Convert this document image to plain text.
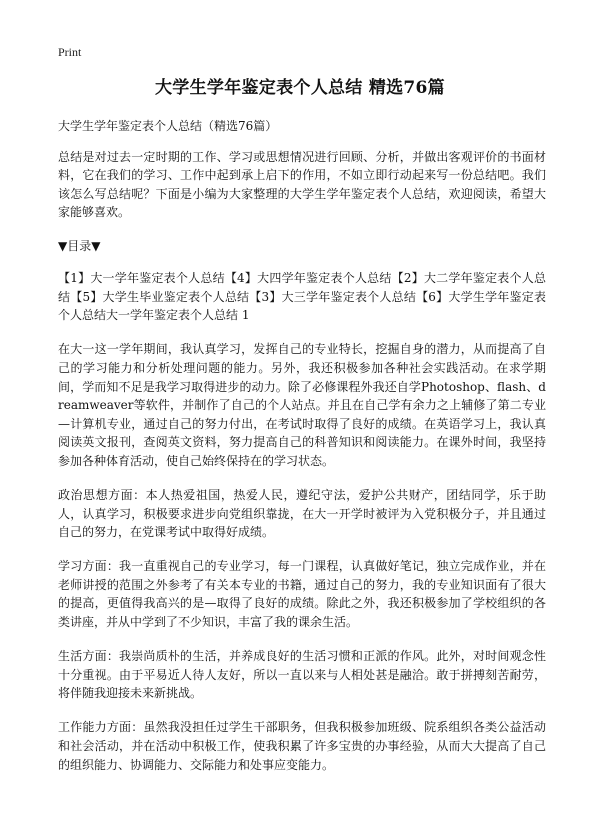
Print
大学生学年鉴定表个人总结 精选76篇

大学生学年鉴定表个人总结（精选76篇）

总结是对过去一定时期的工作、学习或思想情况进行回顾、分析，并做出客观评价的书面材料，它在我们的学习、工作中起到承上启下的作用，不如立即行动起来写一份总结吧。我们该怎么写总结呢？下面是小编为大家整理的大学生学年鉴定表个人总结，欢迎阅读，希望大家能够喜欢。

▼目录▼

【1】大一学年鉴定表个人总结【4】大四学年鉴定表个人总结【2】大二学年鉴定表个人总结【5】大学生毕业鉴定表个人总结【3】大三学年鉴定表个人总结【6】大学生学年鉴定表个人总结大一学年鉴定表个人总结 1

在大一这一学年期间，我认真学习，发挥自己的专业特长，挖掘自身的潜力，从而提高了自己的学习能力和分析处理问题的能力。另外，我还积极参加各种社会实践活动。在求学期间，学而知不足是我学习取得进步的动力。除了必修课程外我还自学Photoshop、flash、dreamweaver等软件，并制作了自己的个人站点。并且在自己学有余力之上辅修了第二专业—计算机专业，通过自己的努力付出，在考试时取得了良好的成绩。在英语学习上，我认真阅读英文报刊，查阅英文资料，努力提高自己的科普知识和阅读能力。在课外时间，我坚持参加各种体育活动，使自己始终保持在的学习状态。

政治思想方面：本人热爱祖国，热爱人民，遵纪守法，爱护公共财产，团结同学，乐于助人，认真学习，积极要求进步向党组织靠拢，在大一开学时被评为入党积极分子，并且通过自己的努力，在党课考试中取得好成绩。

学习方面：我一直重视自己的专业学习，每一门课程，认真做好笔记，独立完成作业，并在老师讲授的范围之外参考了有关本专业的书籍，通过自己的努力，我的专业知识面有了很大的提高，更值得我高兴的是—取得了良好的成绩。除此之外，我还积极参加了学校组织的各类讲座，并从中学到了不少知识，丰富了我的课余生活。

生活方面：我崇尚质朴的生活，并养成良好的生活习惯和正派的作风。此外，对时间观念性十分重视。由于平易近人待人友好，所以一直以来与人相处甚是融洽。敢于拼搏刻苦耐劳，将伴随我迎接未来新挑战。

工作能力方面：虽然我没担任过学生干部职务，但我积极参加班级、院系组织各类公益活动和社会活动，并在活动中积极工作，使我积累了许多宝贵的办事经验，从而大大提高了自己的组织能力、协调能力、交际能力和处事应变能力。
